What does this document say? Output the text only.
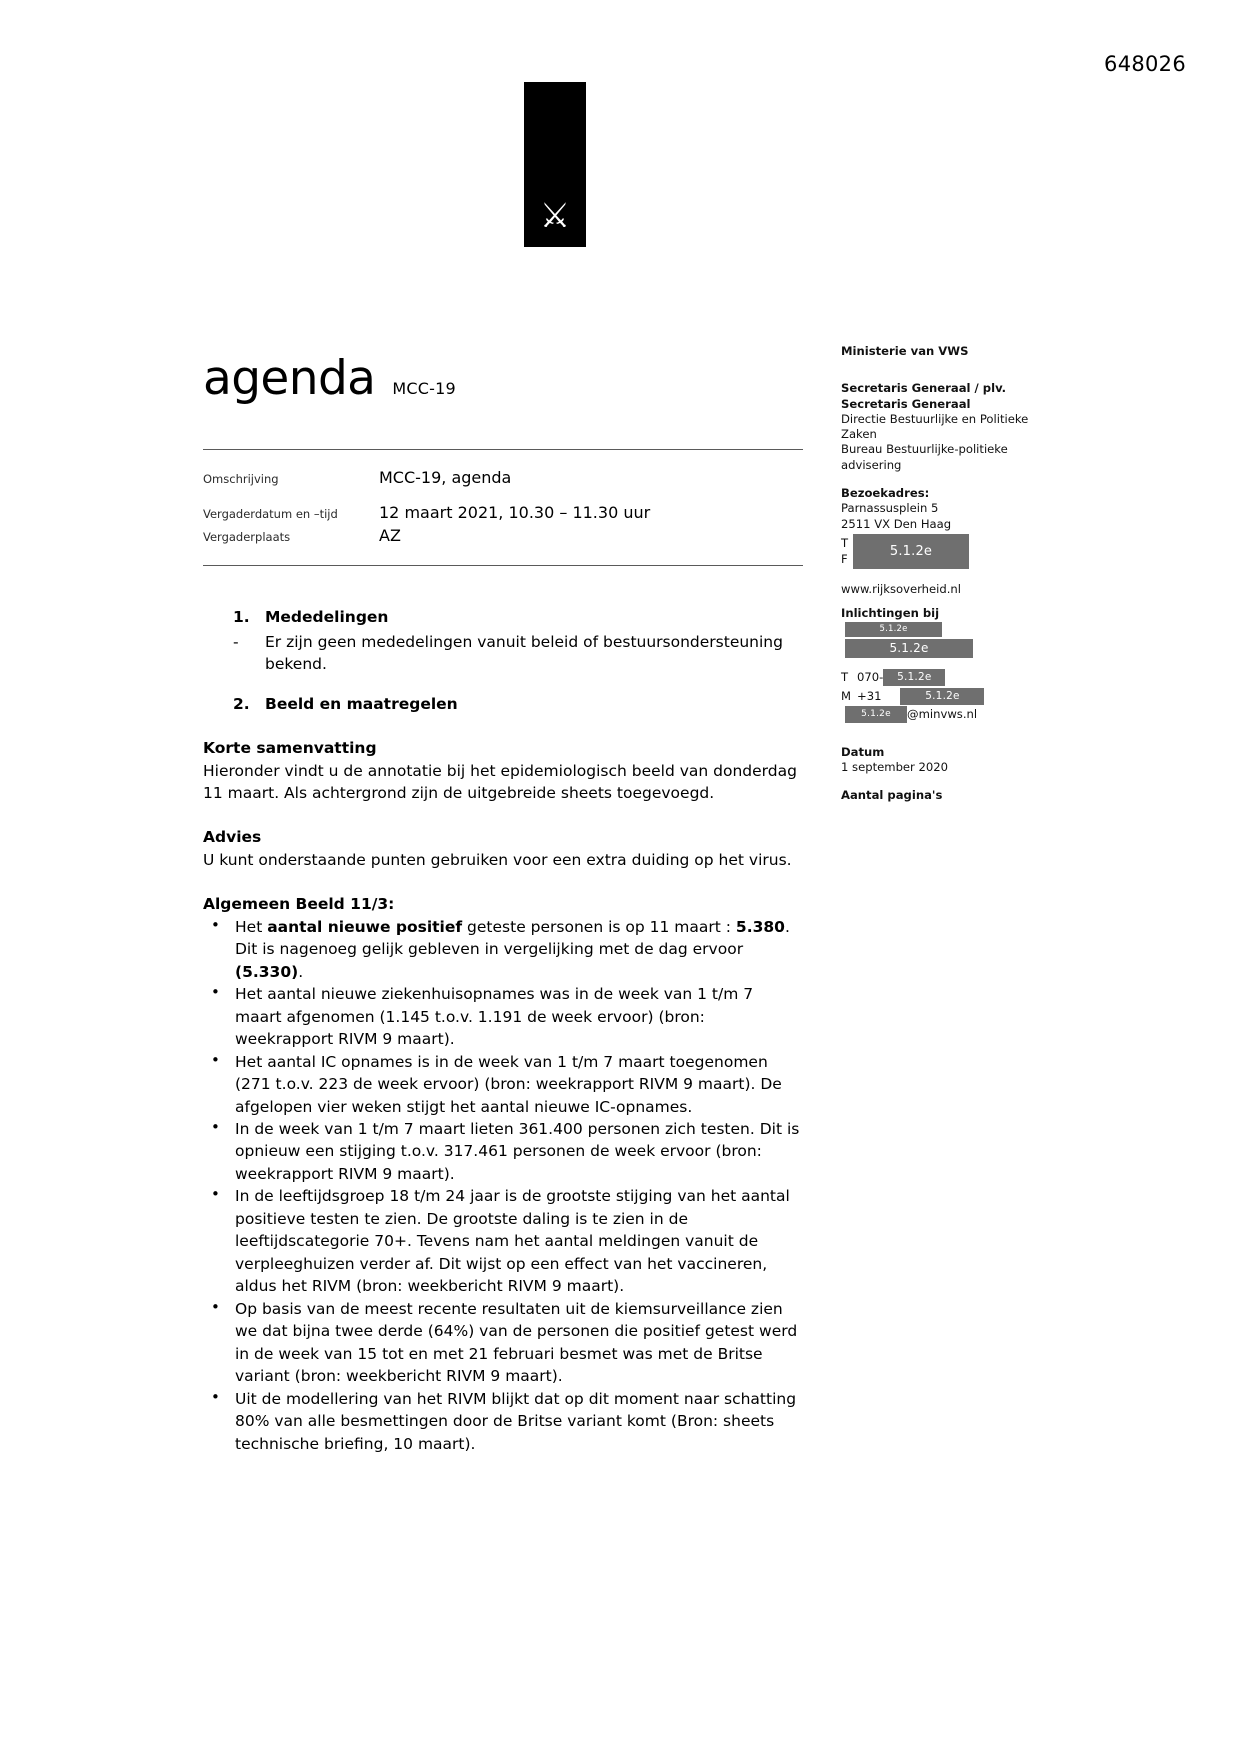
648026
⚔
agenda MCC-19
Omschrijving	MCC-19, agenda
Vergaderdatum en –tijd	12 maart 2021, 10.30 – 11.30 uur
Vergaderplaats	AZ
1. Mededelingen
-	Er zijn geen mededelingen vanuit beleid of bestuursondersteuning bekend.
2. Beeld en maatregelen
Korte samenvatting

Hieronder vindt u de annotatie bij het epidemiologisch beeld van donderdag 11 maart. Als achtergrond zijn de uitgebreide sheets toegevoegd.

Advies

U kunt onderstaande punten gebruiken voor een extra duiding op het virus.

Algemeen Beeld 11/3:
• Het aantal nieuwe positief geteste personen is op 11 maart : 5.380. Dit is nagenoeg gelijk gebleven in vergelijking met de dag ervoor (5.330).
• Het aantal nieuwe ziekenhuisopnames was in de week van 1 t/m 7 maart afgenomen (1.145 t.o.v. 1.191 de week ervoor) (bron: weekrapport RIVM 9 maart).
• Het aantal IC opnames is in de week van 1 t/m 7 maart toegenomen (271 t.o.v. 223 de week ervoor) (bron: weekrapport RIVM 9 maart). De afgelopen vier weken stijgt het aantal nieuwe IC-opnames.
• In de week van 1 t/m 7 maart lieten 361.400 personen zich testen. Dit is opnieuw een stijging t.o.v. 317.461 personen de week ervoor (bron: weekrapport RIVM 9 maart).
• In de leeftijdsgroep 18 t/m 24 jaar is de grootste stijging van het aantal positieve testen te zien. De grootste daling is te zien in de leeftijdscategorie 70+. Tevens nam het aantal meldingen vanuit de verpleeghuizen verder af. Dit wijst op een effect van het vaccineren, aldus het RIVM (bron: weekbericht RIVM 9 maart).
• Op basis van de meest recente resultaten uit de kiemsurveillance zien we dat bijna twee derde (64%) van de personen die positief getest werd in de week van 15 tot en met 21 februari besmet was met de Britse variant (bron: weekbericht RIVM 9 maart).
• Uit de modellering van het RIVM blijkt dat op dit moment naar schatting 80% van alle besmettingen door de Britse variant komt (Bron: sheets technische briefing, 10 maart).
Ministerie van VWS
Secretaris Generaal / plv.
Secretaris Generaal
Directie Bestuurlijke en Politieke
Zaken
Bureau Bestuurlijke-politieke
advisering
Bezoekadres:
Parnassusplein 5
2511 VX Den Haag
T
F
5.1.2e
www.rijksoverheid.nl
Inlichtingen bij
5.1.2e
5.1.2e
T 070-	5.1.2e
M +31	5.1.2e
5.1.2e	@minvws.nl
Datum
1 september 2020
Aantal pagina's
